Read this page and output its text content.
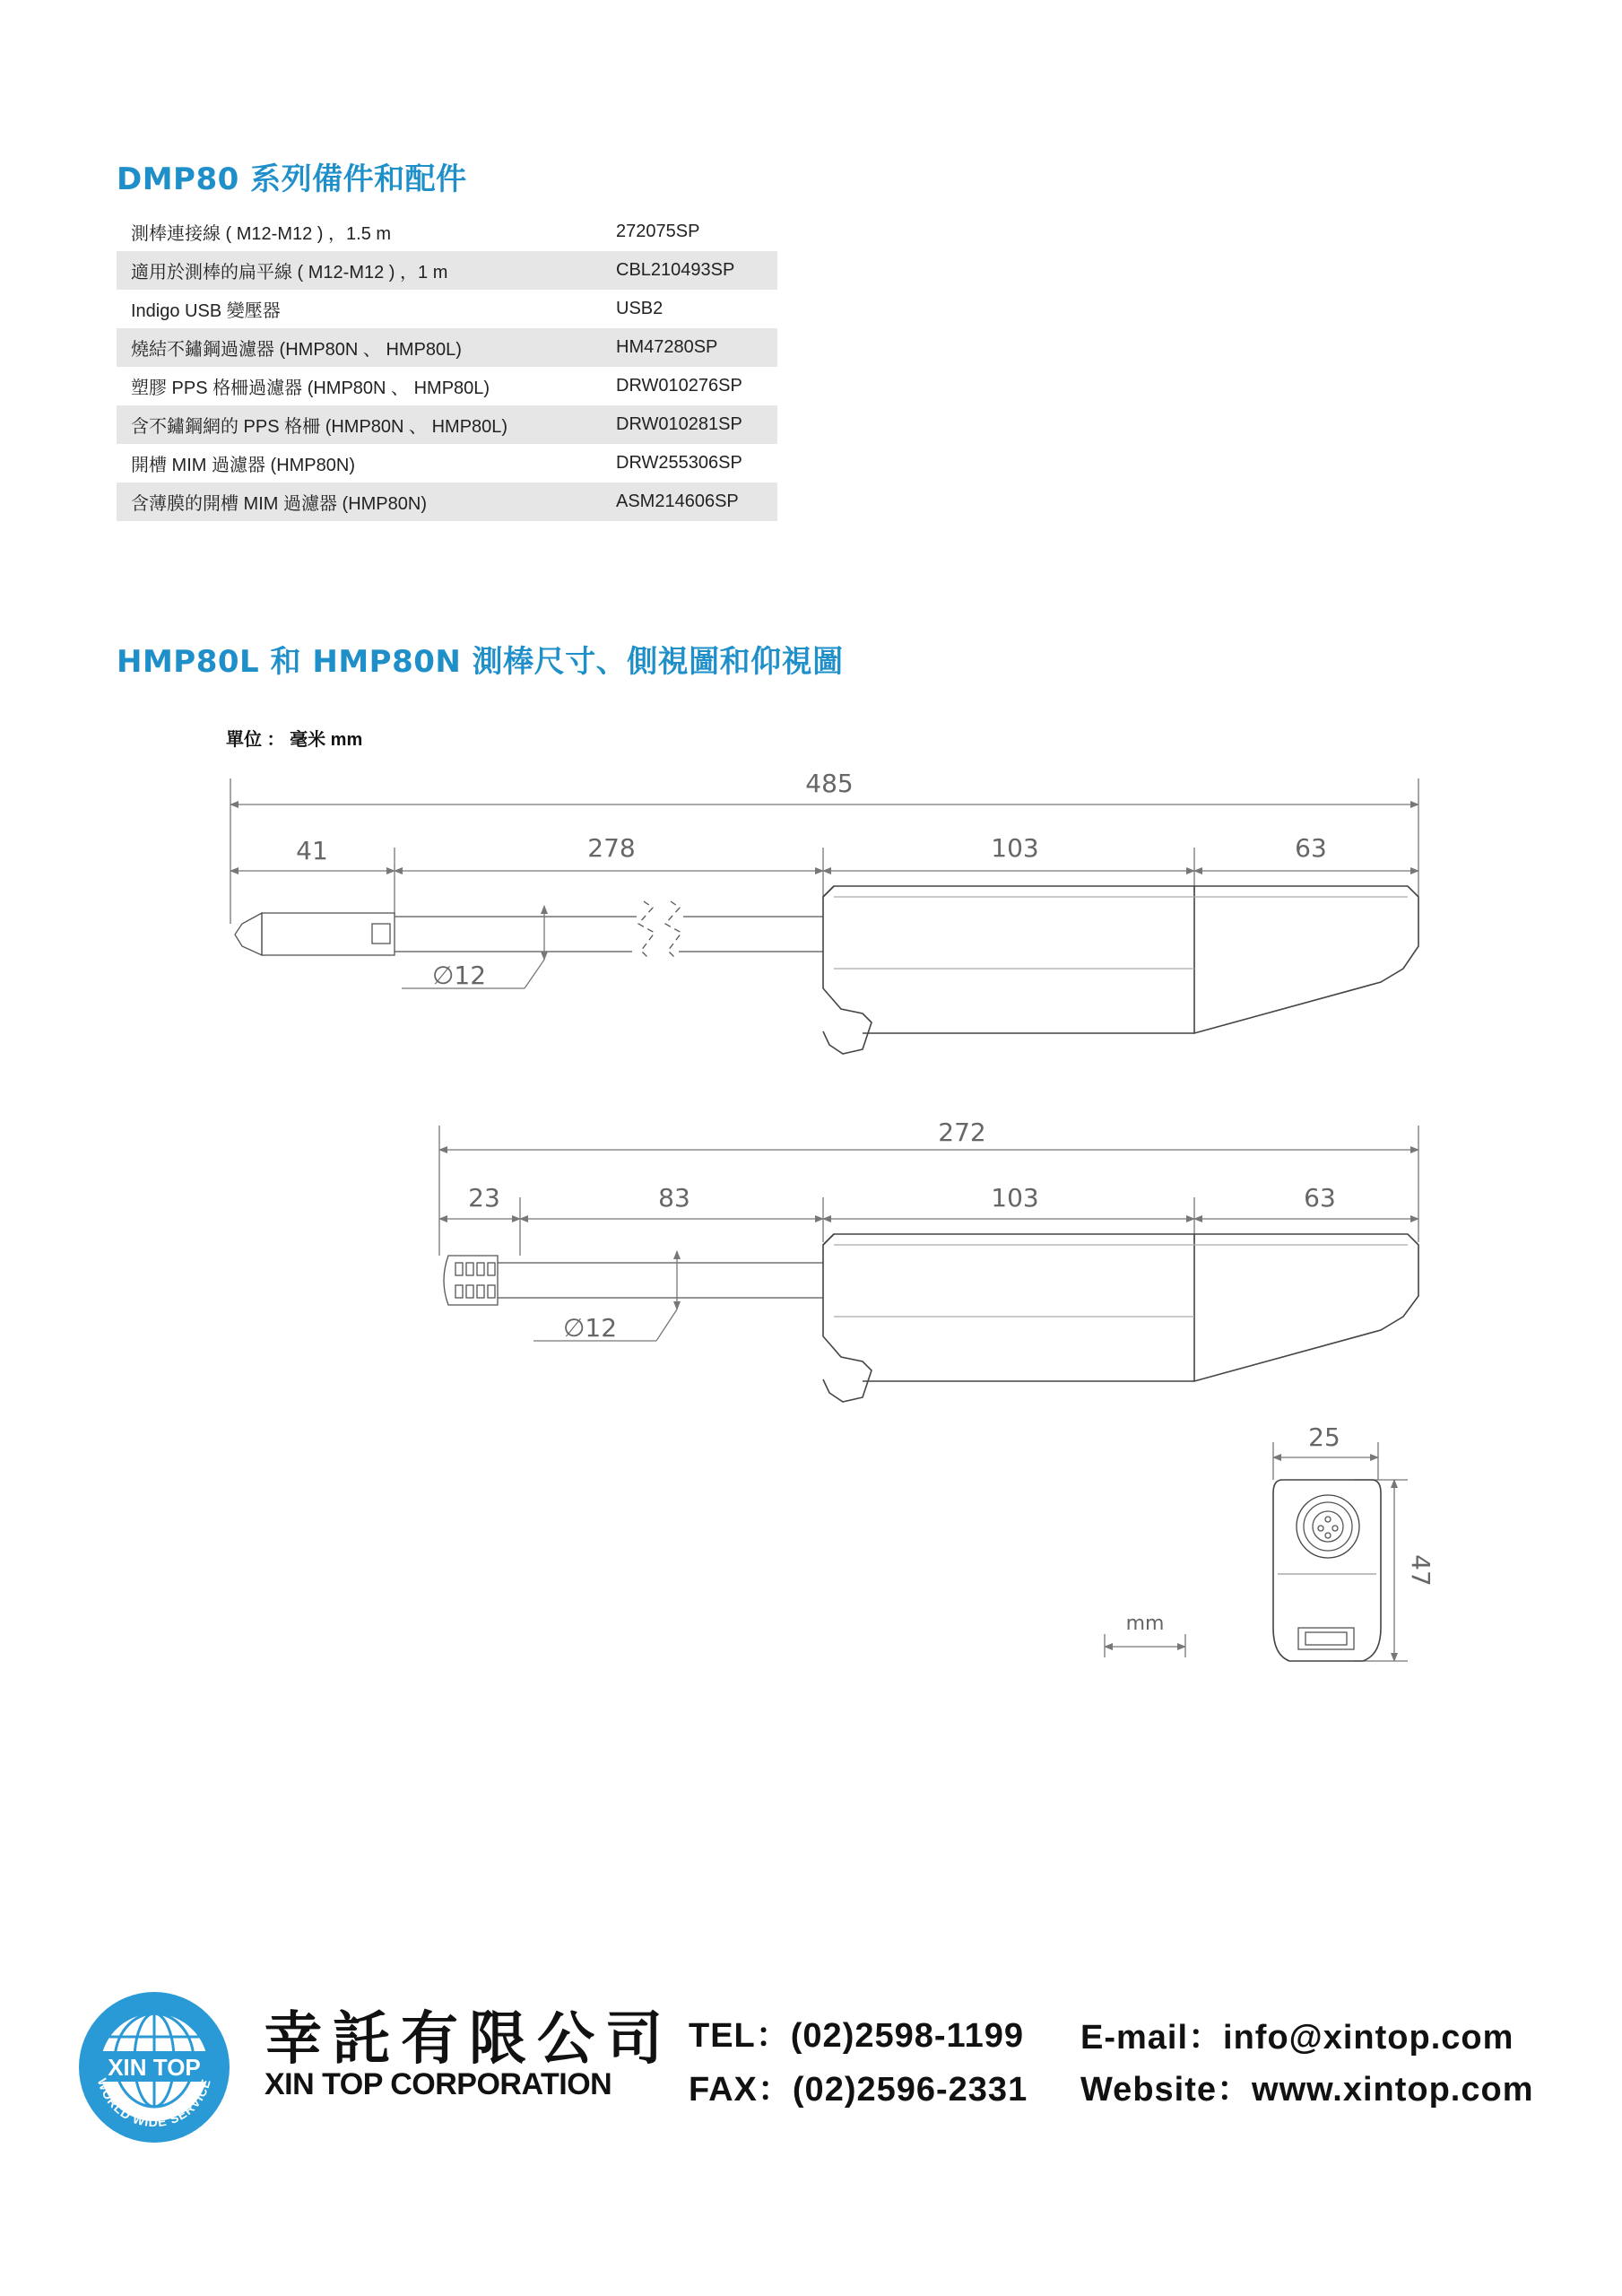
DMP80 系列備件和配件
測棒連接線 ( M12-M12 ) ，1.5 m	272075SP
適用於測棒的扁平線 ( M12-M12 ) ，1 m	CBL210493SP
Indigo USB 變壓器	USB2
燒結不鏽鋼過濾器 (HMP80N 、 HMP80L)	HM47280SP
塑膠 PPS 格柵過濾器 (HMP80N 、 HMP80L)	DRW010276SP
含不鏽鋼網的 PPS 格柵 (HMP80N 、 HMP80L)	DRW010281SP
開槽 MIM 過濾器 (HMP80N)	DRW255306SP
含薄膜的開槽 MIM 過濾器 (HMP80N)	ASM214606SP
HMP80L 和 HMP80N 測棒尺寸、側視圖和仰視圖

單位 ： 毫米 mm

485
41	278	103	63
∅12
272
23	83	103	63
∅12
25
47
mm
XIN TOP
WORLD WIDE SERVICE

幸託有限公司

XIN TOP CORPORATION

TEL：(02)2598-1199

FAX：(02)2596-2331

E-mail：info@xintop.com

Website：www.xintop.com
